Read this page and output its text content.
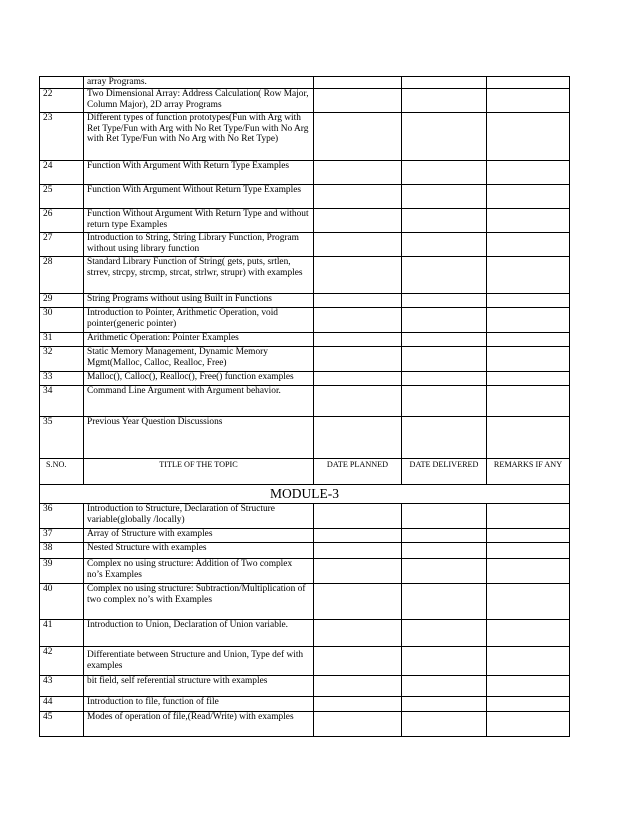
	array Programs.			
22	Two Dimensional Array: Address Calculation( Row Major, Column Major), 2D array Programs			
23	Different types of function prototypes(Fun with Arg with Ret Type/Fun with Arg with No Ret Type/Fun with No Arg with Ret Type/Fun with No Arg with No Ret Type)			
24	Function With Argument With Return Type Examples			
25	Function With Argument Without Return Type Examples			
26	Function Without Argument With Return Type and without return type Examples			
27	Introduction to String, String Library Function, Program without using library function			
28	Standard Library Function of String( gets, puts, srtlen, strrev, strcpy, strcmp, strcat, strlwr, strupr) with examples			
29	String Programs without using Built in Functions			
30	Introduction to Pointer, Arithmetic Operation, void pointer(generic pointer)			
31	Arithmetic Operation: Pointer Examples			
32	Static Memory Management, Dynamic Memory Mgmt(Malloc, Calloc, Realloc, Free)			
33	Malloc(), Calloc(), Realloc(), Free() function examples			
34	Command Line Argument with Argument behavior.			
35	Previous Year Question Discussions			
S.NO.	TITLE OF THE TOPIC	DATE PLANNED	DATE DELIVERED	REMARKS IF ANY
MODULE-3				
36	Introduction to Structure, Declaration of Structure variable(globally /locally)			
37	Array of Structure with examples			
38	Nested Structure with examples			
39	Complex no using structure: Addition of Two complex no’s Examples			
40	Complex no using structure: Subtraction/Multiplication of two complex no’s with Examples			
41	Introduction to Union, Declaration of Union variable.			
42	Differentiate between Structure and Union, Type def with examples			
43	bit field, self referential structure with examples			
44	Introduction to file, function of file			
45	Modes of operation of file,(Read/Write) with examples			
